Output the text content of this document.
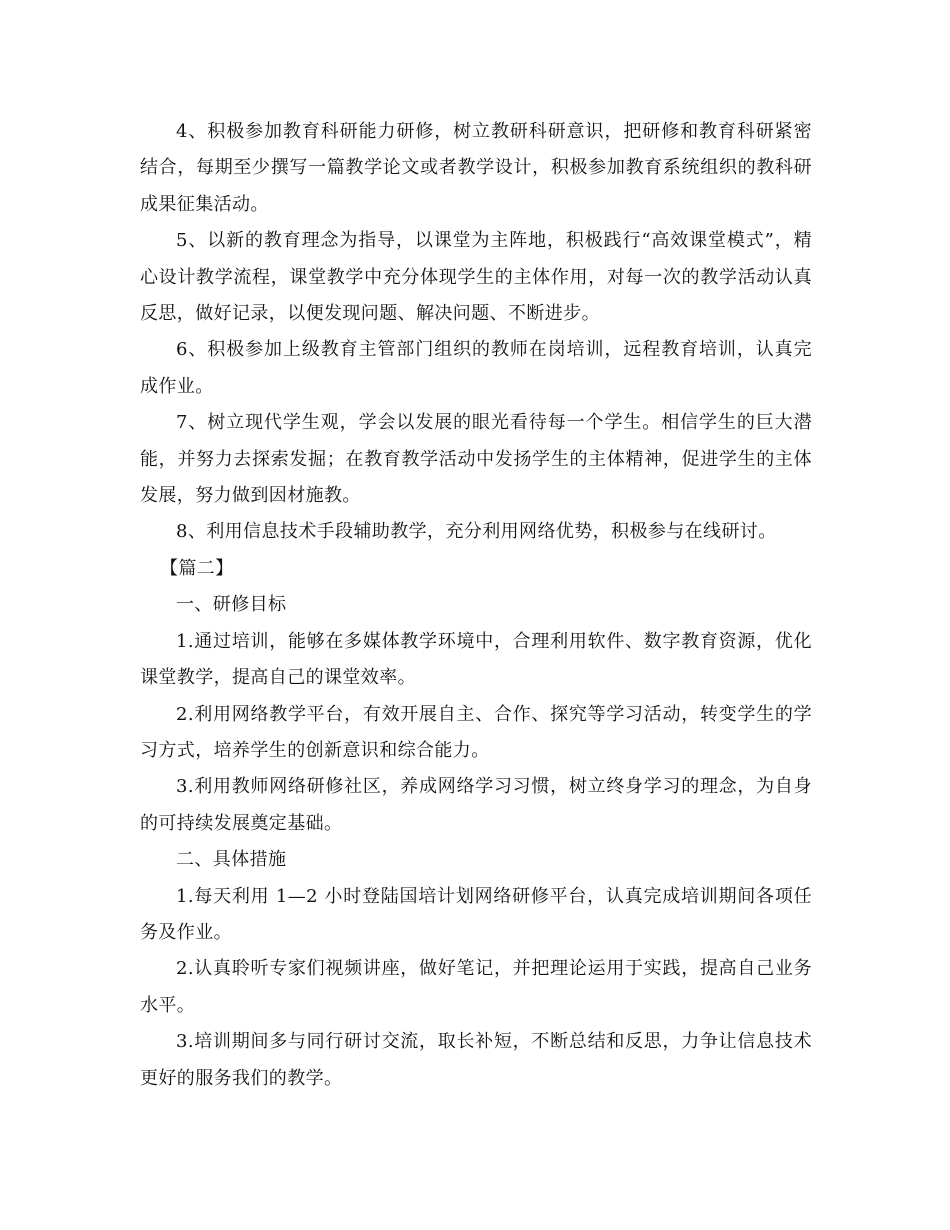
4、积极参加教育科研能力研修，树立教研科研意识，把研修和教育科研紧密结合，每期至少撰写一篇教学论文或者教学设计，积极参加教育系统组织的教科研成果征集活动。

5、以新的教育理念为指导，以课堂为主阵地，积极践行“高效课堂模式”，精心设计教学流程，课堂教学中充分体现学生的主体作用，对每一次的教学活动认真反思，做好记录，以便发现问题、解决问题、不断进步。

6、积极参加上级教育主管部门组织的教师在岗培训，远程教育培训，认真完成作业。

7、树立现代学生观，学会以发展的眼光看待每一个学生。相信学生的巨大潜能，并努力去探索发掘；在教育教学活动中发扬学生的主体精神，促进学生的主体发展，努力做到因材施教。

8、利用信息技术手段辅助教学，充分利用网络优势，积极参与在线研讨。

【篇二】

一、研修目标

1.通过培训，能够在多媒体教学环境中，合理利用软件、数字教育资源，优化课堂教学，提高自己的课堂效率。

2.利用网络教学平台，有效开展自主、合作、探究等学习活动，转变学生的学习方式，培养学生的创新意识和综合能力。

3.利用教师网络研修社区，养成网络学习习惯，树立终身学习的理念，为自身的可持续发展奠定基础。

二、具体措施

1.每天利用 1—2 小时登陆国培计划网络研修平台，认真完成培训期间各项任务及作业。

2.认真聆听专家们视频讲座，做好笔记，并把理论运用于实践，提高自己业务水平。

3.培训期间多与同行研讨交流，取长补短，不断总结和反思，力争让信息技术更好的服务我们的教学。
